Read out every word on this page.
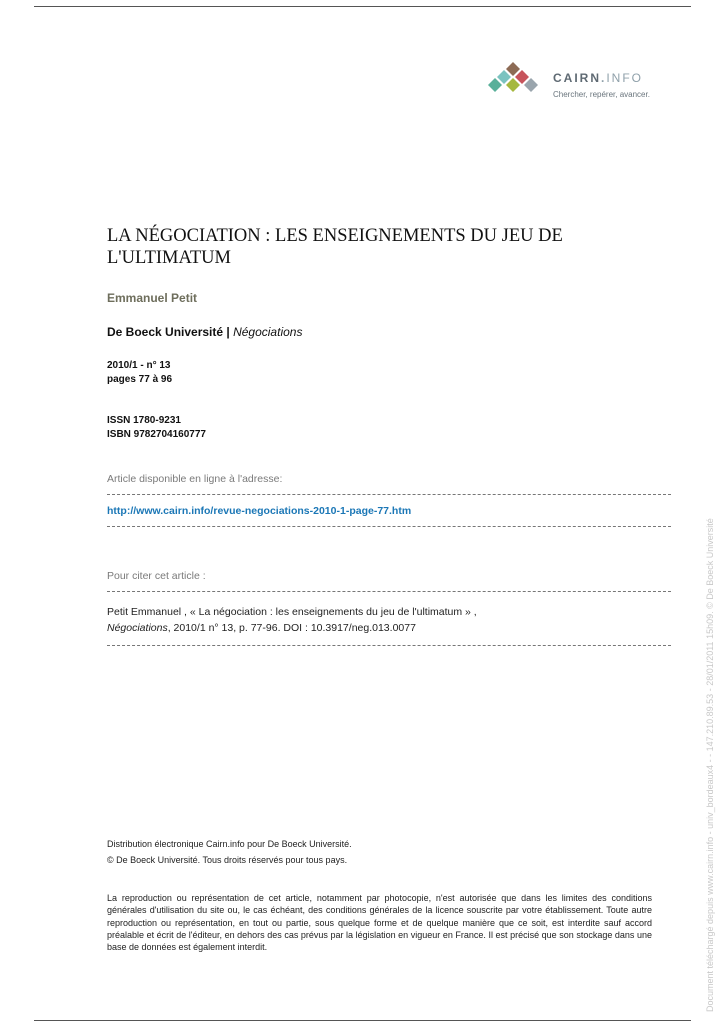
CAIRN.INFO
Chercher, repérer, avancer.
LA NÉGOCIATION : LES ENSEIGNEMENTS DU JEU DE L'ULTIMATUM
Emmanuel Petit
De Boeck Université | Négociations
2010/1 - n° 13
pages 77 à 96
ISSN 1780-9231
ISBN 9782704160777
Article disponible en ligne à l'adresse:
http://www.cairn.info/revue-negociations-2010-1-page-77.htm
Pour citer cet article :
Petit Emmanuel , « La négociation : les enseignements du jeu de l'ultimatum » ,
Négociations, 2010/1 n° 13, p. 77-96. DOI : 10.3917/neg.013.0077
Distribution électronique Cairn.info pour De Boeck Université.
© De Boeck Université. Tous droits réservés pour tous pays.

La reproduction ou représentation de cet article, notamment par photocopie, n'est autorisée que dans les limites des conditions générales d'utilisation du site ou, le cas échéant, des conditions générales de la licence souscrite par votre établissement. Toute autre reproduction ou représentation, en tout ou partie, sous quelque forme et de quelque manière que ce soit, est interdite sauf accord préalable et écrit de l'éditeur, en dehors des cas prévus par la législation en vigueur en France. Il est précisé que son stockage dans une base de données est également interdit.	Document téléchargé depuis www.cairn.info - univ_bordeaux4 - - 147.210.89.53 - 28/01/2011 15h09. © De Boeck Université
